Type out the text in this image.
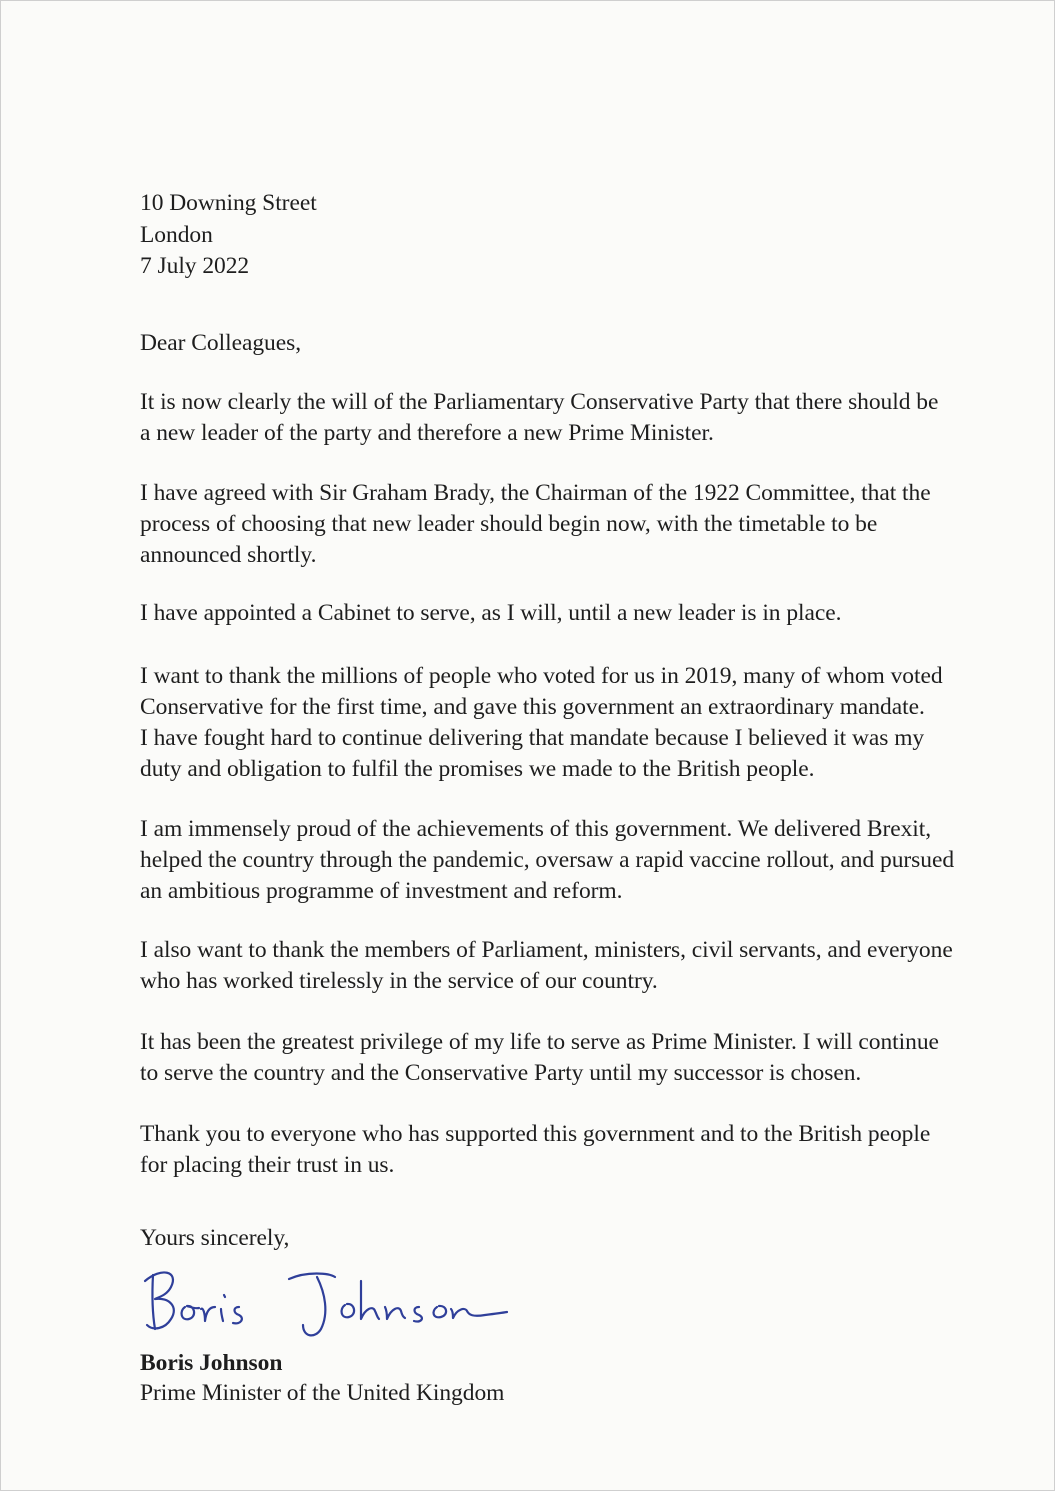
10 Downing Street
London
7 July 2022
Dear Colleagues,
It is now clearly the will of the Parliamentary Conservative Party that there should be
a new leader of the party and therefore a new Prime Minister.
I have agreed with Sir Graham Brady, the Chairman of the 1922 Committee, that the
process of choosing that new leader should begin now, with the timetable to be
announced shortly.
I have appointed a Cabinet to serve, as I will, until a new leader is in place.
I want to thank the millions of people who voted for us in 2019, many of whom voted
Conservative for the first time, and gave this government an extraordinary mandate.
I have fought hard to continue delivering that mandate because I believed it was my
duty and obligation to fulfil the promises we made to the British people.
I am immensely proud of the achievements of this government. We delivered Brexit,
helped the country through the pandemic, oversaw a rapid vaccine rollout, and pursued
an ambitious programme of investment and reform.
I also want to thank the members of Parliament, ministers, civil servants, and everyone
who has worked tirelessly in the service of our country.
It has been the greatest privilege of my life to serve as Prime Minister. I will continue
to serve the country and the Conservative Party until my successor is chosen.
Thank you to everyone who has supported this government and to the British people
for placing their trust in us.
Yours sincerely,
Boris Johnson
Prime Minister of the United Kingdom
